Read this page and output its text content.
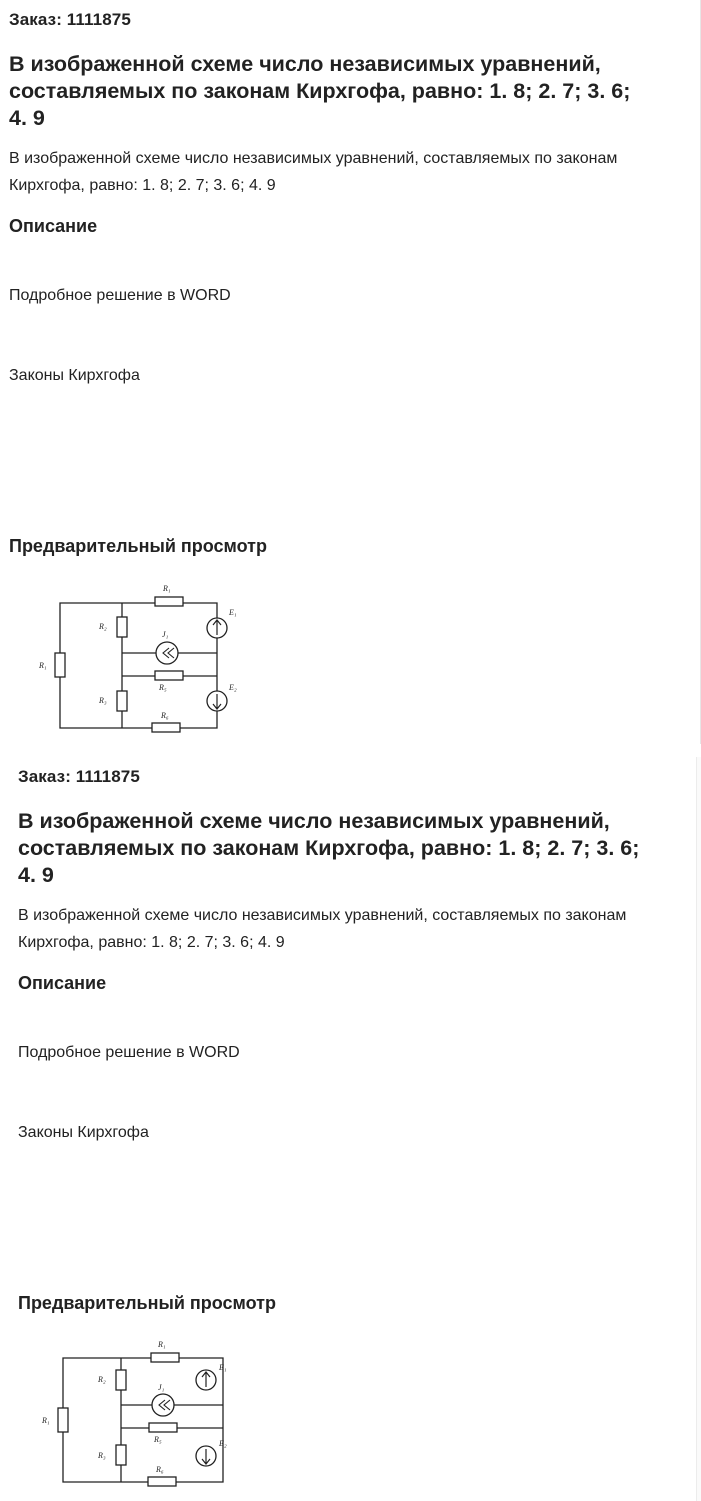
Заказ: 1111875
В изображенной схеме число независимых уравнений, составляемых по законам Кирхгофа, равно: 1. 8; 2. 7; 3. 6; 4. 9

В изображенной схеме число независимых уравнений, составляемых по законам Кирхгофа, равно: 1. 8; 2. 7; 3. 6; 4. 9

Описание

Подробное решение в WORD

Законы Кирхгофа

Предварительный просмотр
R₁
R₁
R₂
R₃
R₅
R₆
J₁
E₁
E₂
Заказ: 1111875
В изображенной схеме число независимых уравнений, составляемых по законам Кирхгофа, равно: 1. 8; 2. 7; 3. 6; 4. 9

В изображенной схеме число независимых уравнений, составляемых по законам Кирхгофа, равно: 1. 8; 2. 7; 3. 6; 4. 9

Описание

Подробное решение в WORD

Законы Кирхгофа

Предварительный просмотр
R₁
R₁
R₂
R₃
R₅
R₆
J₁
E₁
E₂
